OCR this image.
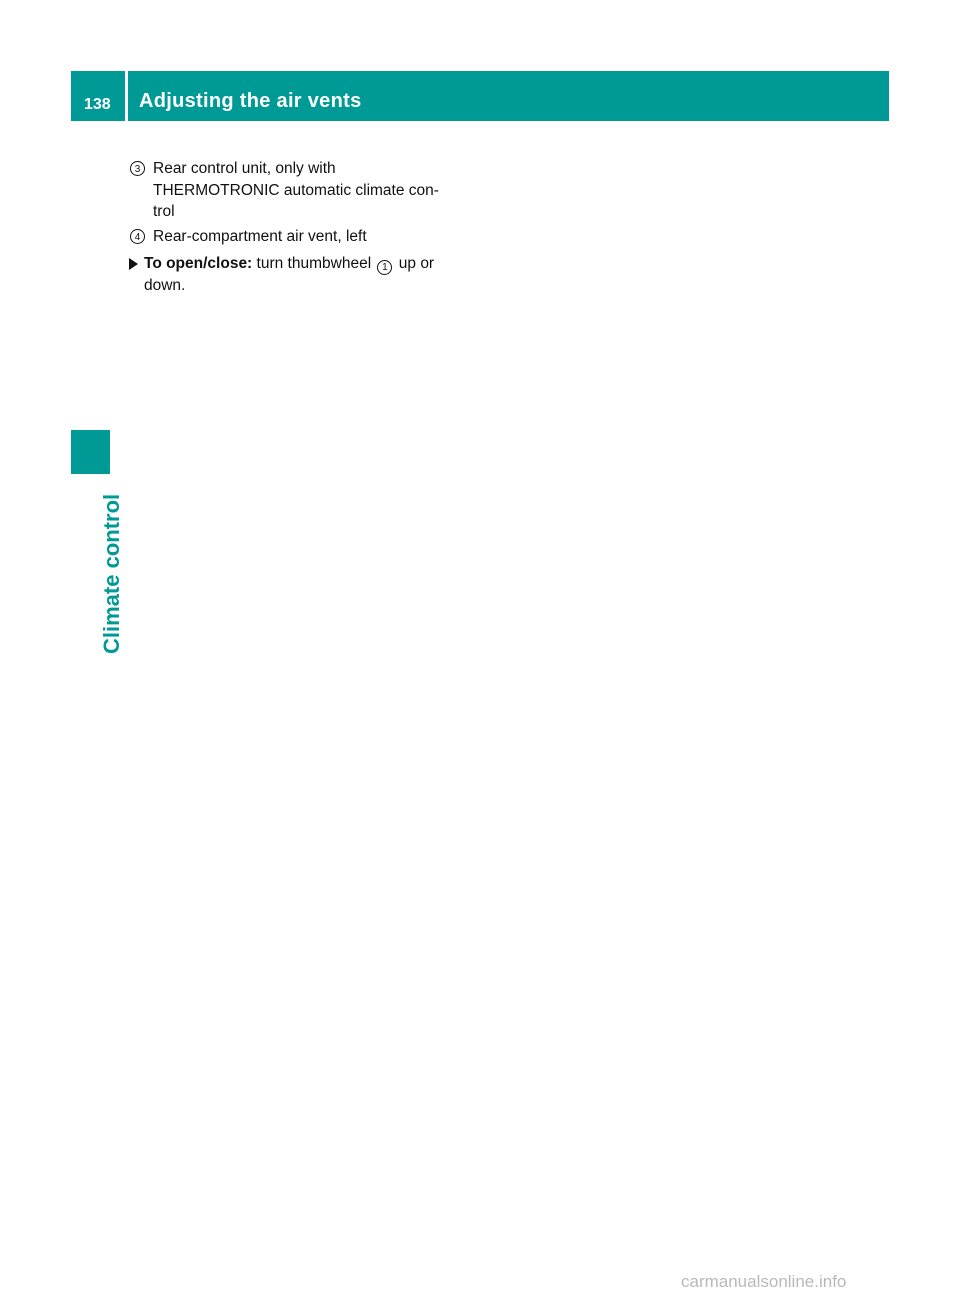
138 Adjusting the air vents
Climate control
3 Rear control unit, only with
THERMOTRONIC automatic climate con-
trol
4 Rear-compartment air vent, left
To open/close: turn thumbwheel 1 up or
down.
carmanualsonline.info
